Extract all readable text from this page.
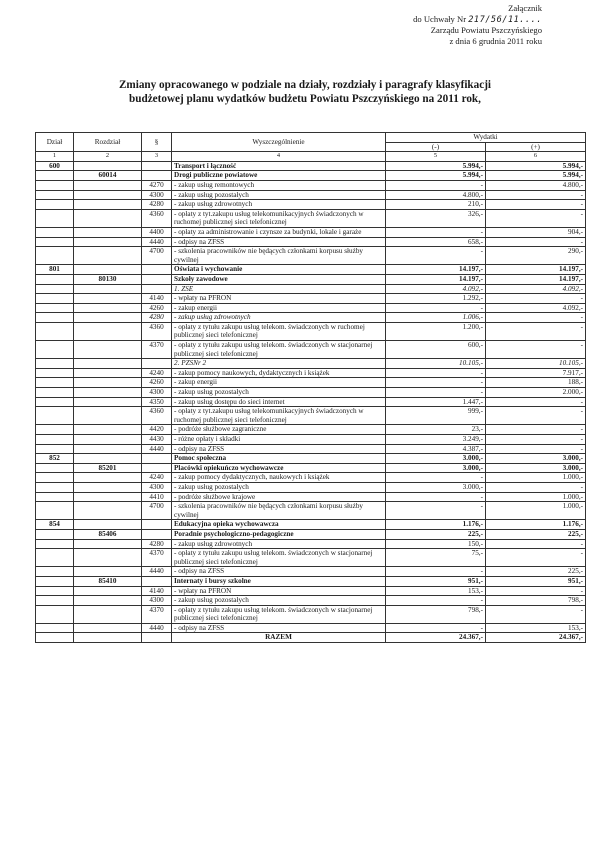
Załącznik
do Uchwały Nr 217/56/11....
Zarządu Powiatu Pszczyńskiego
z dnia 6 grudnia 2011 roku
Zmiany opracowanego w podziale na działy, rozdziały i paragrafy klasyfikacji
budżetowej planu wydatków budżetu Powiatu Pszczyńskiego na 2011 rok,
Dział	Rozdział	§	Wyszczególnienie	Wydatki	
				(-)	(+)
1	2	3	4	5	6
600			Transport i łączność	5.994,-	5.994,-
	60014		Drogi publiczne powiatowe	5.994,-	5.994,-
		4270	- zakup usług remontowych	-	4.800,-
		4300	- zakup usług pozostałych	4.800,-	-
		4280	- zakup usług zdrowotnych	210,-	-
		4360	- opłaty z tyt.zakupu usług telekomunikacyjnych świadczonych w ruchomej publicznej sieci telefonicznej	326,-	-
		4400	- opłaty za administrowanie i czynsze za budynki, lokale i garaże	-	904,-
		4440	- odpisy na ZFSS	658,-	-
		4700	- szkolenia pracowników nie będących członkami korpusu służby cywilnej	-	290,-
801			Oświata i wychowanie	14.197,-	14.197,-
	80130		Szkoły zawodowe	14.197,-	14.197,-
			1. ZSE	4.092,-	4.092,-
		4140	- wpłaty na PFRON	1.292,-	-
		4260	- zakup energii	-	4.092,-
		4280	- zakup usług zdrowotnych	1.006,-	-
		4360	- opłaty z tytułu zakupu usług telekom. świadczonych w ruchomej publicznej sieci telefonicznej	1.200,-	-
		4370	- opłaty z tytułu zakupu usług telekom. świadczonych w stacjonarnej publicznej sieci telefonicznej	600,-	-
			2. PZSNr 2	10.105,-	10.105,-
		4240	- zakup pomocy naukowych, dydaktycznych i książek	-	7.917,-
		4260	- zakup energii	-	188,-
		4300	- zakup usług pozostałych	-	2.000,-
		4350	- zakup usług dostępu do sieci internet	1.447,-	-
		4360	- opłaty z tyt.zakupu usług telekomunikacyjnych świadczonych w ruchomej publicznej sieci telefonicznej	999,-	-
		4420	- podróże służbowe zagraniczne	23,-	-
		4430	- różne opłaty i składki	3.249,-	-
		4440	- odpisy na ZFSS	4.387,-	-
852			Pomoc społeczna	3.000,-	3.000,-
	85201		Placówki opiekuńczo wychowawcze	3.000,-	3.000,-
		4240	- zakup pomocy dydaktycznych, naukowych i książek	-	1.000,-
		4300	- zakup usług pozostałych	3.000,-	-
		4410	- podróże służbowe krajowe	-	1.000,-
		4700	- szkolenia pracowników nie będących członkami korpusu służby cywilnej	-	1.000,-
854			Edukacyjna opieka wychowawcza	1.176,-	1.176,-
	85406		Poradnie psychologiczno-pedagogiczne	225,-	225,-
		4280	- zakup usług zdrowotnych	150,-	-
		4370	- opłaty z tytułu zakupu usług telekom. świadczonych w stacjonarnej publicznej sieci telefonicznej	75,-	-
		4440	- odpisy na ZFSS	-	225,-
	85410		Internaty i bursy szkolne	951,-	951,-
		4140	- wpłaty na PFRON	153,-	-
		4300	- zakup usług pozostałych	-	798,-
		4370	- opłaty z tytułu zakupu usług telekom. świadczonych w stacjonarnej publicznej sieci telefonicznej	798,-	-
		4440	- odpisy na ZFSS	-	153,-
			RAZEM	24.367,-	24.367,-
